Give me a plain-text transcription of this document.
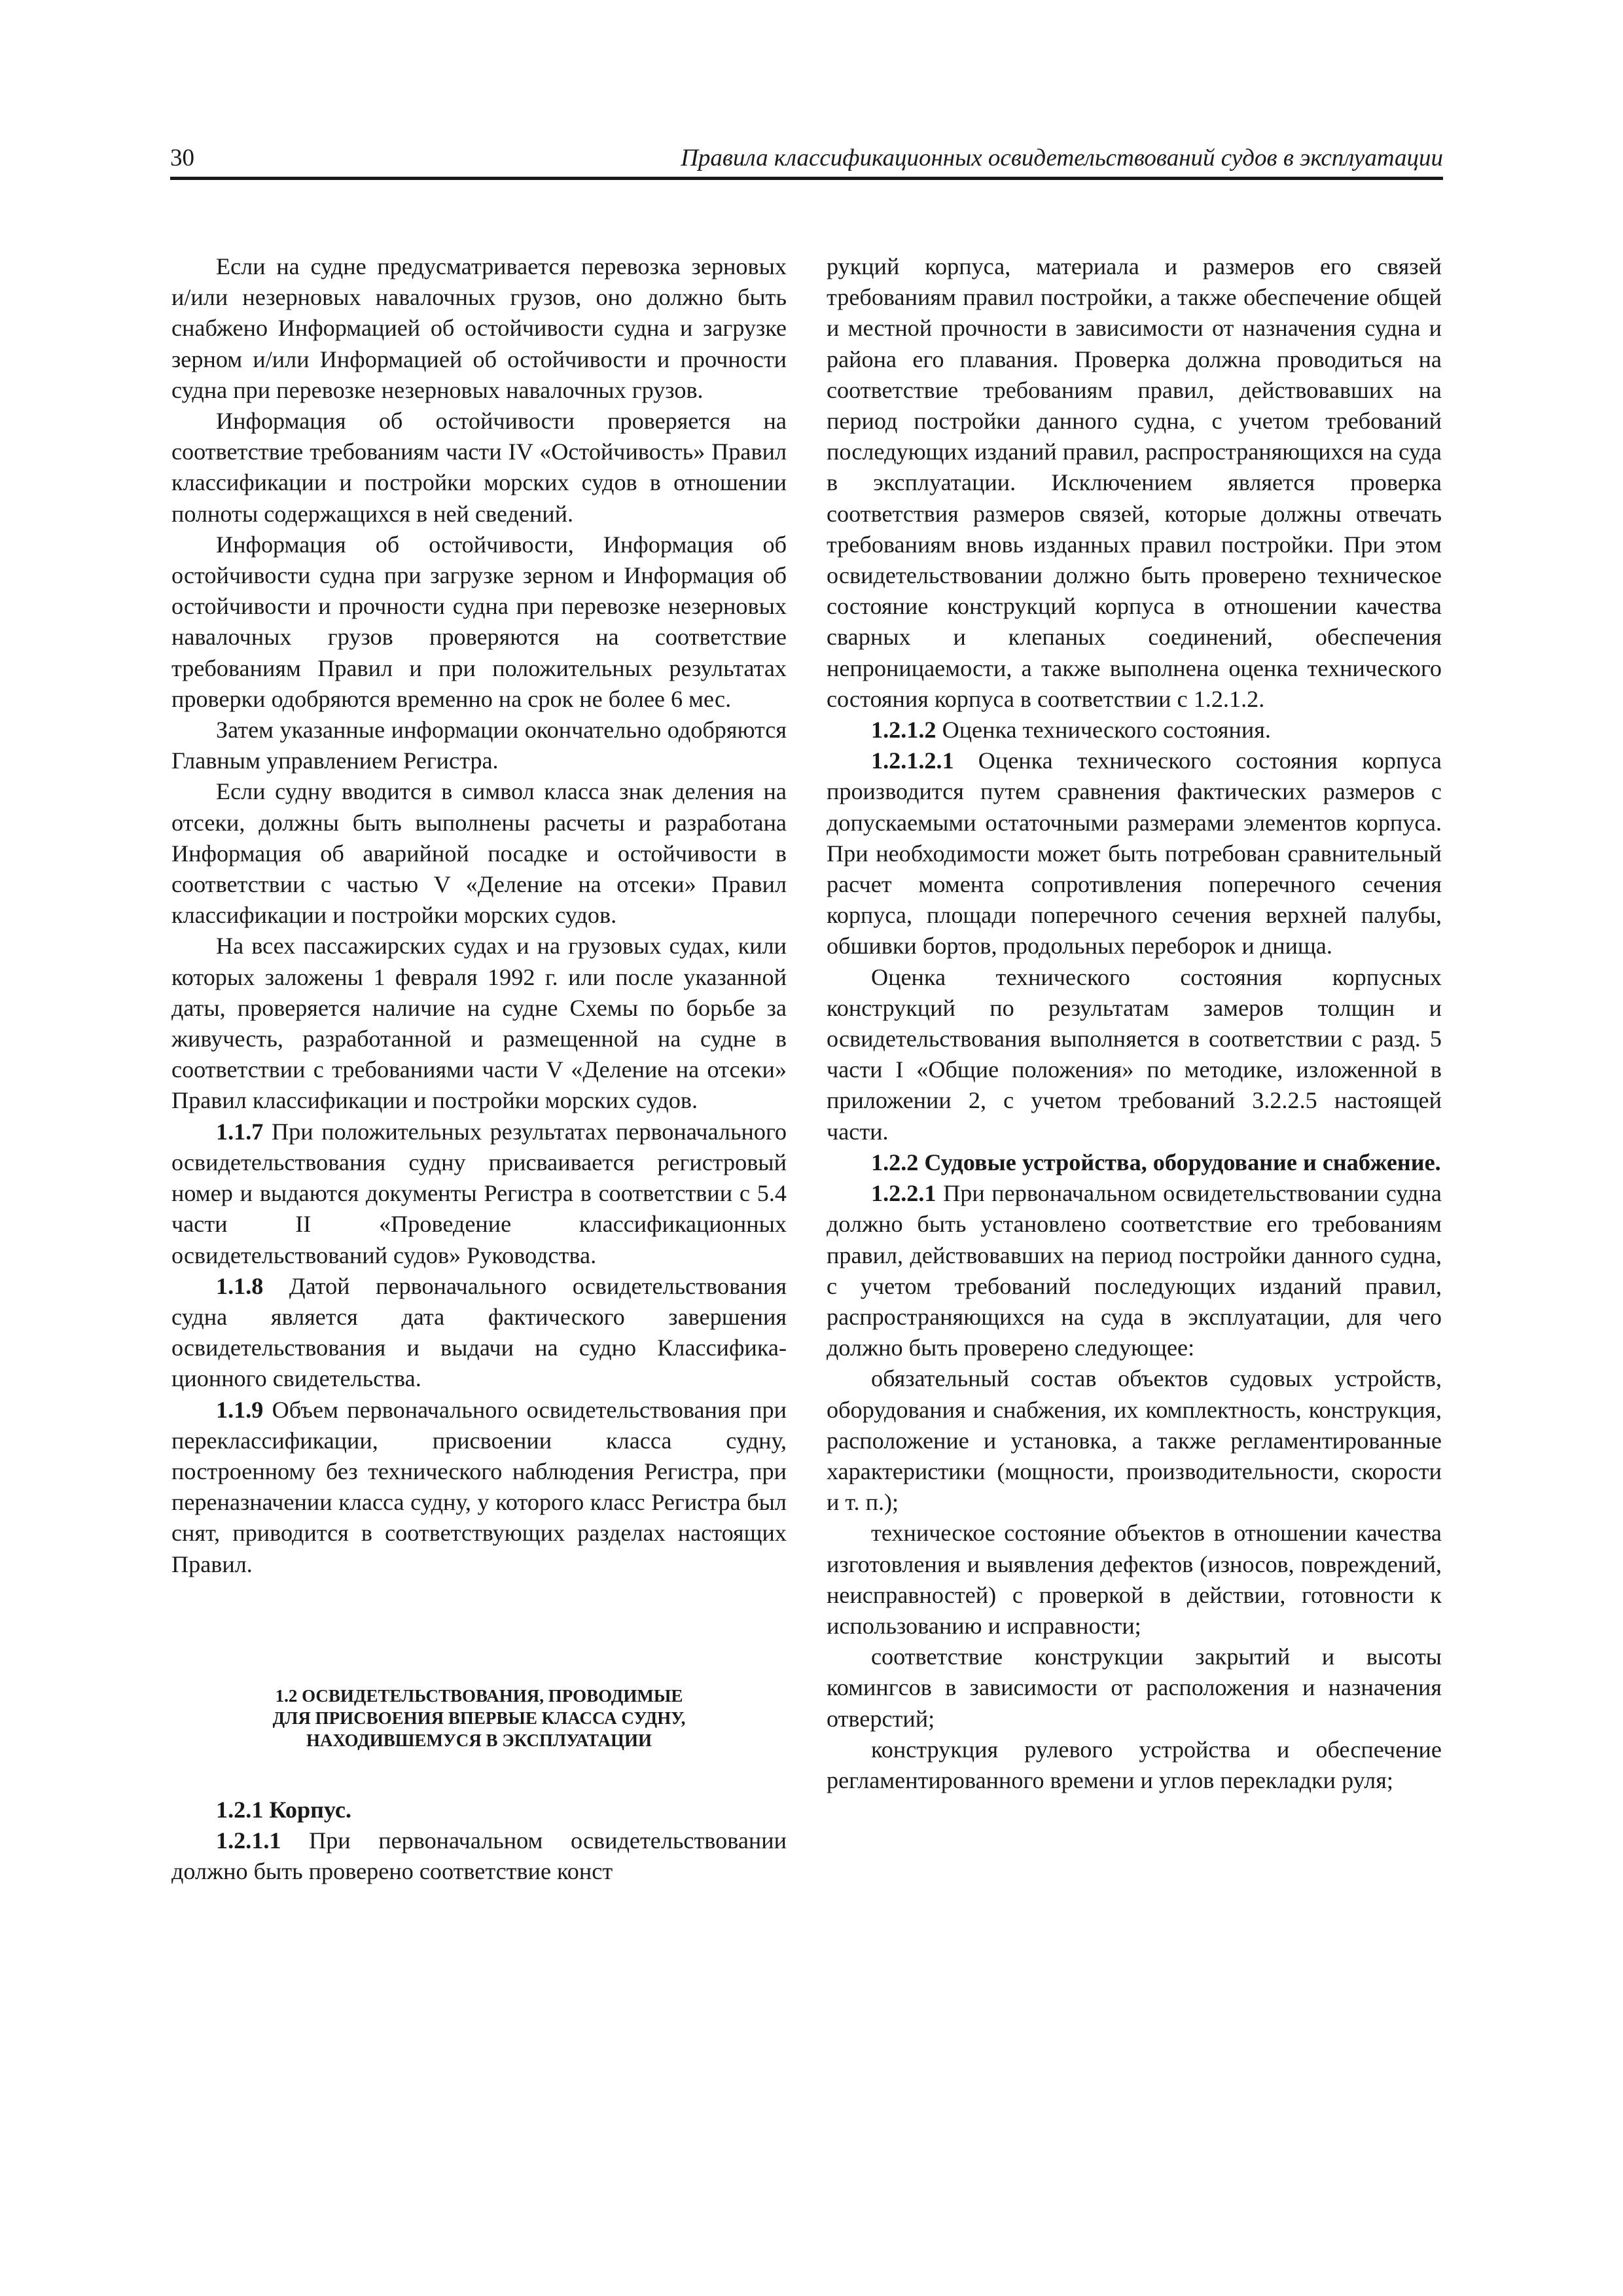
30	Правила классификационных освидетельствований судов в эксплуатации

Если на судне предусматривается перевозка зерновых и/или незерновых навалочных грузов, оно должно быть снабжено Информацией об остойчивости судна и загрузке зерном и/или Информацией об остойчивости и прочности судна при перевозке незерновых навалочных грузов.

Информация об остойчивости проверяется на соответствие требованиям части IV «Остойчивость» Правил классификации и постройки морских судов в отношении полноты содержащихся в ней сведений.

Информация об остойчивости, Информация об остойчивости судна при загрузке зерном и Информация об остойчивости и прочности судна при перевозке незерновых навалочных грузов проверяются на соответствие требованиям Правил и при положительных результатах проверки одобряются временно на срок не более 6 мес.

Затем указанные информации окончательно одобряются Главным управлением Регистра.

Если судну вводится в символ класса знак деления на отсеки, должны быть выполнены расчеты и разработана Информация об аварийной посадке и остойчивости в соответствии с частью V «Деление на отсеки» Правил классификации и постройки морских судов.

На всех пассажирских судах и на грузовых судах, кили которых заложены 1 февраля 1992 г. или после указанной даты, проверяется наличие на судне Схемы по борьбе за живучесть, разработанной и размещенной на судне в соответствии с требованиями части V «Деление на отсеки» Правил классификации и постройки морских судов.

1.1.7 При положительных результатах первоначального освидетельствования судну присваивается регистровый номер и выдаются документы Регистра в соответствии с 5.4 части II «Проведение классификационных освидетельствований судов» Руководства.

1.1.8 Датой первоначального освидетельствования судна является дата фактического завершения освидетельствования и выдачи на судно Классификационного свидетельства.

1.1.9 Объем первоначального освидетельствования при переклассификации, присвоении класса судну, построенному без технического наблюдения Регистра, при переназначении класса судну, у которого класс Регистра был снят, приводится в соответствующих разделах настоящих Правил.

1.2 ОСВИДЕТЕЛЬСТВОВАНИЯ, ПРОВОДИМЫЕ
ДЛЯ ПРИСВОЕНИЯ ВПЕРВЫЕ КЛАССА СУДНУ,
НАХОДИВШЕМУСЯ В ЭКСПЛУАТАЦИИ

1.2.1 Корпус.

1.2.1.1 При первоначальном освидетельствовании должно быть проверено соответствие конст

рукций корпуса, материала и размеров его связей требованиям правил постройки, а также обеспечение общей и местной прочности в зависимости от назначения судна и района его плавания. Проверка должна проводиться на соответствие требованиям правил, действовавших на период постройки данного судна, с учетом требований последующих изданий правил, распространяющихся на суда в эксплуатации. Исключением является проверка соответствия размеров связей, которые должны отвечать требованиям вновь изданных правил постройки. При этом освидетельствовании должно быть проверено техническое состояние конструкций корпуса в отношении качества сварных и клепаных соединений, обеспечения непроницаемости, а также выполнена оценка технического состояния корпуса в соответствии с 1.2.1.2.

1.2.1.2 Оценка технического состояния.

1.2.1.2.1 Оценка технического состояния корпуса производится путем сравнения фактических размеров с допускаемыми остаточными размерами элементов корпуса. При необходимости может быть потребован сравнительный расчет момента сопротивления поперечного сечения корпуса, площади поперечного сечения верхней палубы, обшивки бортов, продольных переборок и днища.

Оценка технического состояния корпусных конструкций по результатам замеров толщин и освидетельствования выполняется в соответствии с разд. 5 части I «Общие положения» по методике, изложенной в приложении 2, с учетом требований 3.2.2.5 настоящей части.

1.2.2 Судовые устройства, оборудование и снабжение.

1.2.2.1 При первоначальном освидетельствовании судна должно быть установлено соответствие его требованиям правил, действовавших на период постройки данного судна, с учетом требований последующих изданий правил, распространяющихся на суда в эксплуатации, для чего должно быть проверено следующее:

обязательный состав объектов судовых устройств, оборудования и снабжения, их комплектность, конструкция, расположение и установка, а также регламентированные характеристики (мощности, производительности, скорости и т. п.);

техническое состояние объектов в отношении качества изготовления и выявления дефектов (износов, повреждений, неисправностей) с проверкой в действии, готовности к использованию и исправности;

соответствие конструкции закрытий и высоты комингсов в зависимости от расположения и назначения отверстий;

конструкция рулевого устройства и обеспечение регламентированного времени и углов перекладки руля;
